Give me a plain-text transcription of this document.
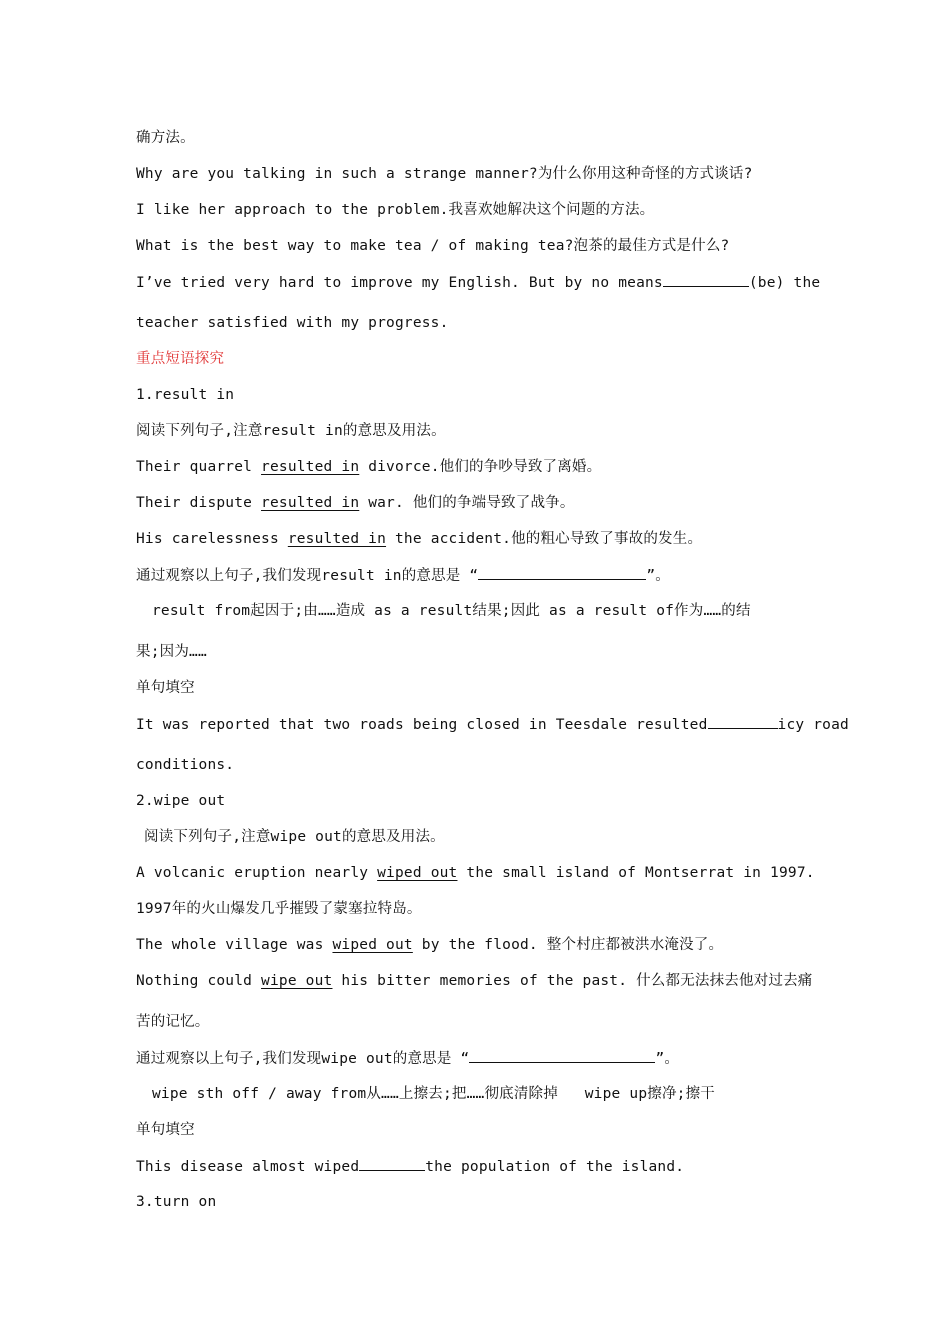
确方法。
Why are you talking in such a strange manner?为什么你用这种奇怪的方式谈话?
I like her approach to the problem.我喜欢她解决这个问题的方法。
What is the best way to make tea / of making tea?泡茶的最佳方式是什么?
I’ve tried very hard to improve my English. But by no means	(be) the
teacher satisfied with my progress.
重点短语探究
1.result in
阅读下列句子,注意result in的意思及用法。
Their quarrel resulted in divorce.他们的争吵导致了离婚。
Their dispute resulted in war. 他们的争端导致了战争。
His carelessness resulted in the accident.他的粗心导致了事故的发生。
通过观察以上句子,我们发现result in的意思是 “	”。
result from起因于;由……造成 as a result结果;因此 as a result of作为……的结
果;因为……
单句填空
It was reported that two roads being closed in Teesdale resulted	icy road
conditions.
2.wipe out
阅读下列句子,注意wipe out的意思及用法。
A volcanic eruption nearly wiped out the small island of Montserrat in 1997.
1997年的火山爆发几乎摧毁了蒙塞拉特岛。
The whole village was wiped out by the flood. 整个村庄都被洪水淹没了。
Nothing could wipe out his bitter memories of the past. 什么都无法抹去他对过去痛
苦的记忆。
通过观察以上句子,我们发现wipe out的意思是 “	”。
wipe sth off / away from从……上擦去;把……彻底清除掉   wipe up擦净;擦干
单句填空
This disease almost wiped	the population of the island.
3.turn on
